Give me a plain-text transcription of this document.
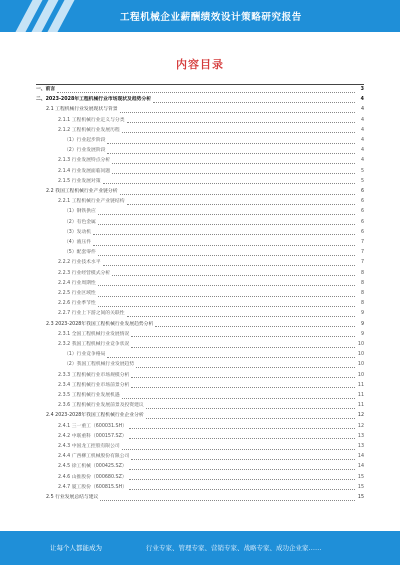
工程机械企业薪酬绩效设计策略研究报告
内容目录
一、前言	3
二、2023-2028年工程机械行业市场现状及趋势分析	4
2.1 工程机械行业发展现状与背景	4
2.1.1 工程机械行业定义与分类	4
2.1.2 工程机械行业发展历程	4
（1）行业起步阶段	4
（2）行业发展阶段	4
2.1.3 行业发展特点分析	4
2.1.4 行业发展面临问题	5
2.1.5 行业发展对策	5
2.2 我国工程机械行业产业链分析	6
2.2.1 工程机械行业产业链结构	6
（1）钢铁供应	6
（2）有色金属	6
（3）发动机	6
（4）液压件	7
（5）配套零件	7
2.2.2 行业技术水平	7
2.2.3 行业经营模式分析	8
2.2.4 行业周期性	8
2.2.5 行业区域性	8
2.2.6 行业季节性	8
2.2.7 行业上下游之间的关联性	9
2.3 2023-2028年我国工程机械行业发展趋势分析	9
2.3.1 全国工程机械行业发展情况	9
2.3.2 我国工程机械行业竞争状况	10
（1）行业竞争格局	10
（2）我国工程机械行业发展趋势	10
2.3.3 工程机械行业市场规模分析	10
2.3.4 工程机械行业市场前景分析	11
2.3.5 工程机械行业发展机遇	11
2.3.6 工程机械行业发展前景及投资建议	11
2.4 2023-2028年我国工程机械行业企业分析	12
2.4.1 三一重工（600031.SH）	12
2.4.2 中联重科（000157.SZ）	13
2.4.3 中国龙工控股有限公司	13
2.4.4 广西柳工机械股份有限公司	14
2.4.5 徐工机械（000425.SZ）	14
2.4.6 山推股份（000680.SZ）	15
2.4.7 厦工股份（600815.SH）	15
2.5 行业发展总结与建议	15
让每个人都能成为	行业专家、管理专家、营销专家、战略专家、成功企业家……
